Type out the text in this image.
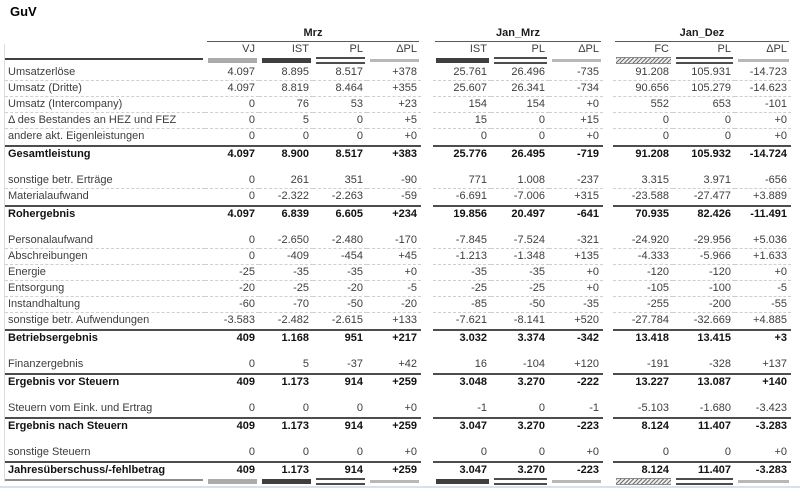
GuV
Mrz	Jan_Mrz	Jan_Dez
VJ	IST	PL	ΔPL	IST	PL	ΔPL	FC	PL	ΔPL
Umsatzerlöse	4.097	8.895	8.517	+378	25.761	26.496	-735	91.208	105.931	-14.723
Umsatz (Dritte)	4.097	8.819	8.464	+355	25.607	26.341	-734	90.656	105.279	-14.623
Umsatz (Intercompany)	0	76	53	+23	154	154	+0	552	653	-101
Δ des Bestandes an HEZ und FEZ	0	5	0	+5	15	0	+15	0	0	+0
andere akt. Eigenleistungen	0	0	0	+0	0	0	+0	0	0	+0
Gesamtleistung	4.097	8.900	8.517	+383	25.776	26.495	-719	91.208	105.932	-14.724
sonstige betr. Erträge	0	261	351	-90	771	1.008	-237	3.315	3.971	-656
Materialaufwand	0	-2.322	-2.263	-59	-6.691	-7.006	+315	-23.588	-27.477	+3.889
Rohergebnis	4.097	6.839	6.605	+234	19.856	20.497	-641	70.935	82.426	-11.491
Personalaufwand	0	-2.650	-2.480	-170	-7.845	-7.524	-321	-24.920	-29.956	+5.036
Abschreibungen	0	-409	-454	+45	-1.213	-1.348	+135	-4.333	-5.966	+1.633
Energie	-25	-35	-35	+0	-35	-35	+0	-120	-120	+0
Entsorgung	-20	-25	-20	-5	-25	-25	+0	-105	-100	-5
Instandhaltung	-60	-70	-50	-20	-85	-50	-35	-255	-200	-55
sonstige betr. Aufwendungen	-3.583	-2.482	-2.615	+133	-7.621	-8.141	+520	-27.784	-32.669	+4.885
Betriebsergebnis	409	1.168	951	+217	3.032	3.374	-342	13.418	13.415	+3
Finanzergebnis	0	5	-37	+42	16	-104	+120	-191	-328	+137
Ergebnis vor Steuern	409	1.173	914	+259	3.048	3.270	-222	13.227	13.087	+140
Steuern vom Eink. und Ertrag	0	0	0	+0	-1	0	-1	-5.103	-1.680	-3.423
Ergebnis nach Steuern	409	1.173	914	+259	3.047	3.270	-223	8.124	11.407	-3.283
sonstige Steuern	0	0	0	+0	0	0	+0	0	0	+0
Jahresüberschuss/-fehlbetrag	409	1.173	914	+259	3.047	3.270	-223	8.124	11.407	-3.283
